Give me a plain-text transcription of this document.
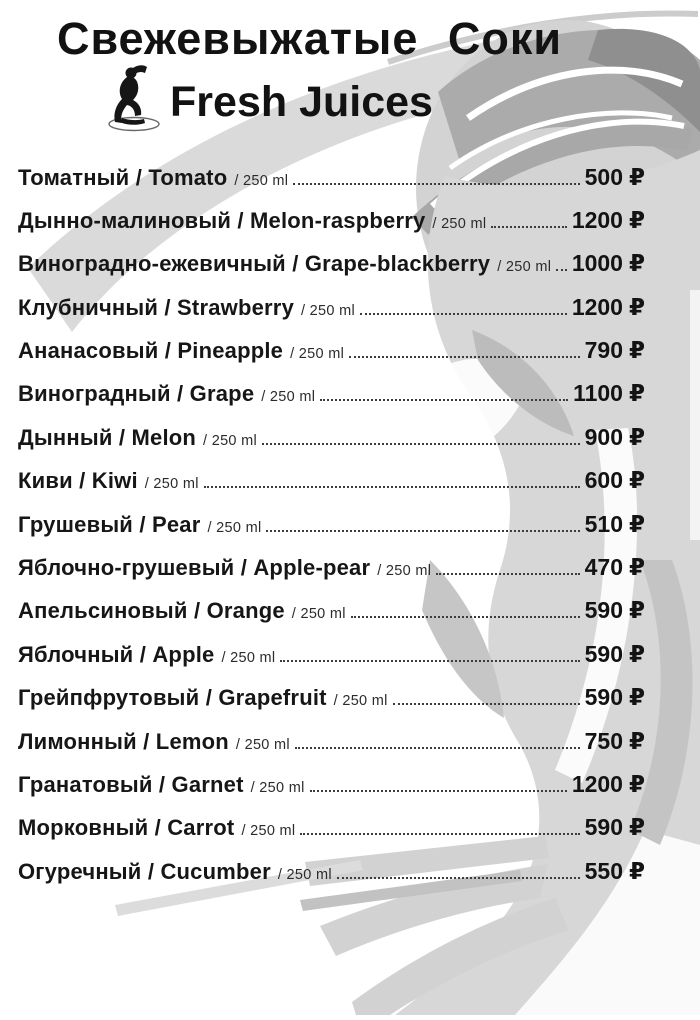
Свежевыжатые Соки
Fresh Juices
Томатный / Tomato / 250 ml	500 ₽
Дынно-малиновый / Melon-raspberry / 250 ml	1200 ₽
Виноградно-ежевичный / Grape-blackberry / 250 ml 1000 ₽
Клубничный / Strawberry / 250 ml	1200 ₽
Ананасовый / Pineapple / 250 ml	790 ₽
Виноградный / Grape / 250 ml	1100 ₽
Дынный / Melon / 250 ml	900 ₽
Киви / Kiwi / 250 ml	600 ₽
Грушевый / Pear / 250 ml	510 ₽
Яблочно-грушевый / Apple-pear / 250 ml	470 ₽
Апельсиновый / Orange / 250 ml	590 ₽
Яблочный / Apple / 250 ml	590 ₽
Грейпфрутовый / Grapefruit / 250 ml	590 ₽
Лимонный / Lemon / 250 ml	750 ₽
Гранатовый / Garnet / 250 ml	1200 ₽
Морковный / Carrot / 250 ml	590 ₽
Огуречный / Cucumber / 250 ml	550 ₽
